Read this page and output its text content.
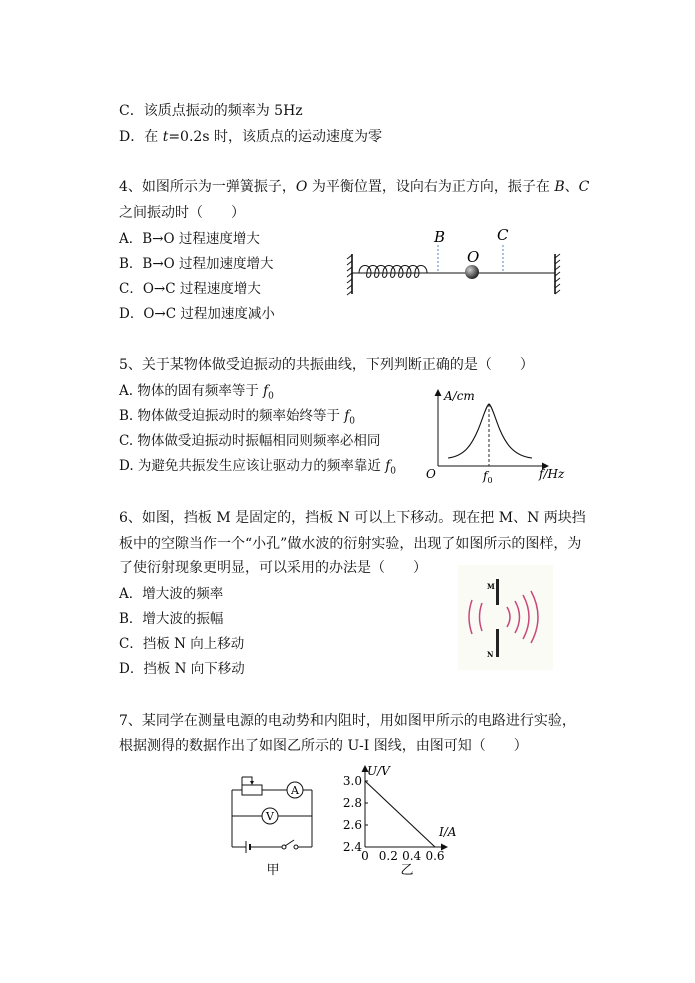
C．该质点振动的频率为 5Hz
D．在 t=0.2s 时，该质点的运动速度为零
4、如图所示为一弹簧振子，O 为平衡位置，设向右为正方向，振子在 B、C
之间振动时（　　）
A．B→O 过程速度增大
B．B→O 过程加速度增大
C．O→C 过程速度增大
D．O→C 过程加速度减小
B	C
O
5、关于某物体做受迫振动的共振曲线，下列判断正确的是（　　）
A. 物体的固有频率等于 $f_0$
B. 物体做受迫振动时的频率始终等于 $f_0$
C. 物体做受迫振动时振幅相同则频率必相同
D. 为避免共振发生应该让驱动力的频率靠近 $f_0$
A/cm
f/Hz
O	$f_0$
6、如图，挡板 M 是固定的，挡板 N 可以上下移动。现在把 M、N 两块挡
板中的空隙当作一个“小孔”做水波的衍射实验，出现了如图所示的图样，为
了使衍射现象更明显，可以采用的办法是（　　）
A．增大波的频率
B．增大波的振幅
C．挡板 N 向上移动
D．挡板 N 向下移动
M
N
7、某同学在测量电源的电动势和内阻时，用如图甲所示的电路进行实验，
根据测得的数据作出了如图乙所示的 U-I 图线，由图可知（　　）
A
V
甲
3.0
2.8
2.6
2.4
0 0.2 0.4 0.6
U/V
I/A
乙
